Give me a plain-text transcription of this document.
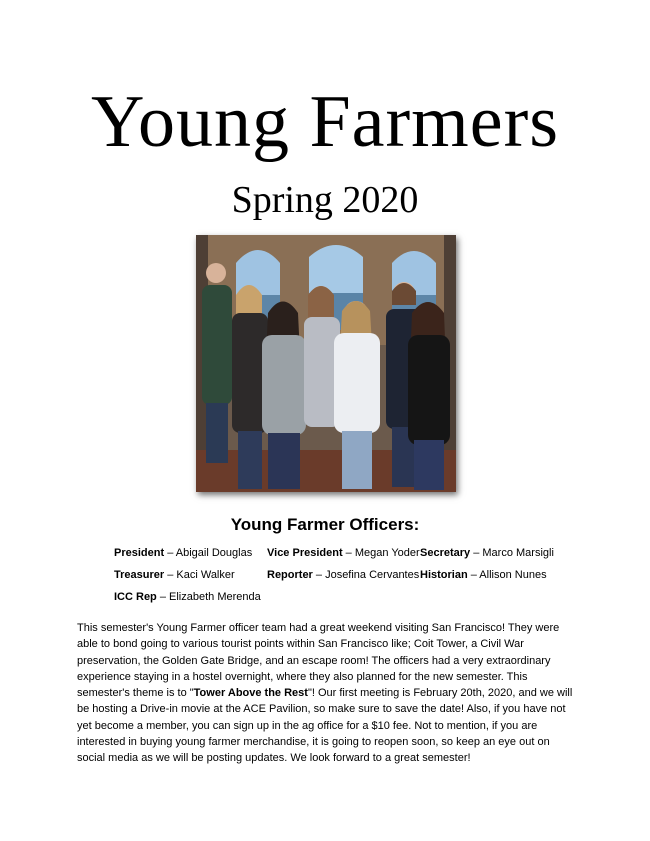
Young Farmers
Spring 2020
Young Farmer Officers:
President – Abigail Douglas Vice President – Megan Yoder Secretary – Marco Marsigli
Treasurer – Kaci Walker	Reporter – Josefina Cervantes Historian – Allison Nunes
ICC Rep – Elizabeth Merenda
This semester's Young Farmer officer team had a great weekend visiting San Francisco! They were able to bond going to various tourist points within San Francisco like; Coit Tower, a Civil War preservation, the Golden Gate Bridge, and an escape room! The officers had a very extraordinary experience staying in a hostel overnight, where they also planned for the new semester. This semester's theme is to "Tower Above the Rest"! Our first meeting is February 20th, 2020, and we will be hosting a Drive-in movie at the ACE Pavilion, so make sure to save the date! Also, if you have not yet become a member, you can sign up in the ag office for a $10 fee. Not to mention, if you are interested in buying young farmer merchandise, it is going to reopen soon, so keep an eye out on social media as we will be posting updates. We look forward to a great semester!
